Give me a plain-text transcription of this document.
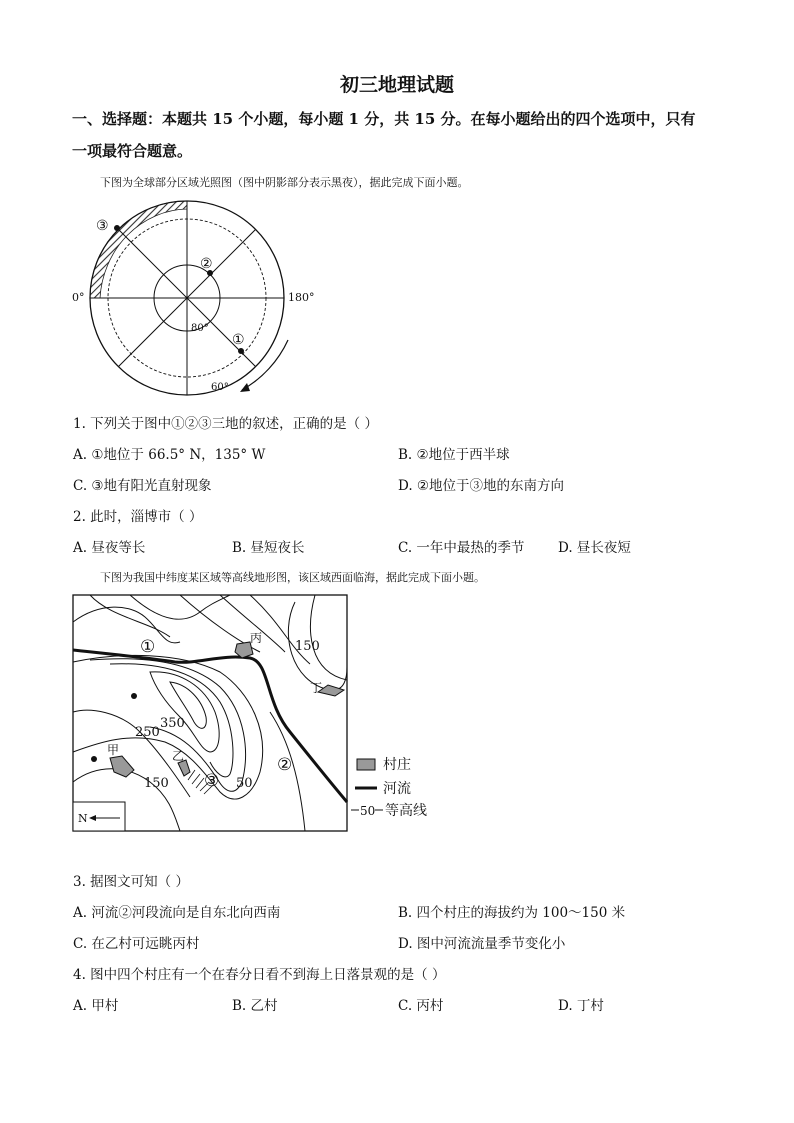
初三地理试题
一、选择题：本题共 15 个小题，每小题 1 分，共 15 分。在每小题给出的四个选项中，只有
一项最符合题意。
下图为全球部分区域光照图（图中阴影部分表示黑夜），据此完成下面小题。
③
②
①
0°	180°
80°
60°
1. 下列关于图中①②③三地的叙述，正确的是（ ）
A. ①地位于 66.5° N，135° W	B. ②地位于西半球
C. ③地有阳光直射现象	D. ②地位于③地的东南方向
2. 此时，淄博市（ ）
A. 昼夜等长	B. 昼短夜长	C. 一年中最热的季节 D. 昼长夜短
下图为我国中纬度某区域等高线地形图，该区域西面临海，据此完成下面小题。
①
②
③
150
250
350
150	50
丙
丁
甲	乙
N
村庄
河流
50 等高线
3. 据图文可知（ ）
A. 河流②河段流向是自东北向西南	B. 四个村庄的海拔约为 100～150 米
C. 在乙村可远眺丙村	D. 图中河流流量季节变化小
4. 图中四个村庄有一个在春分日看不到海上日落景观的是（ ）
A. 甲村	B. 乙村	C. 丙村	D. 丁村
